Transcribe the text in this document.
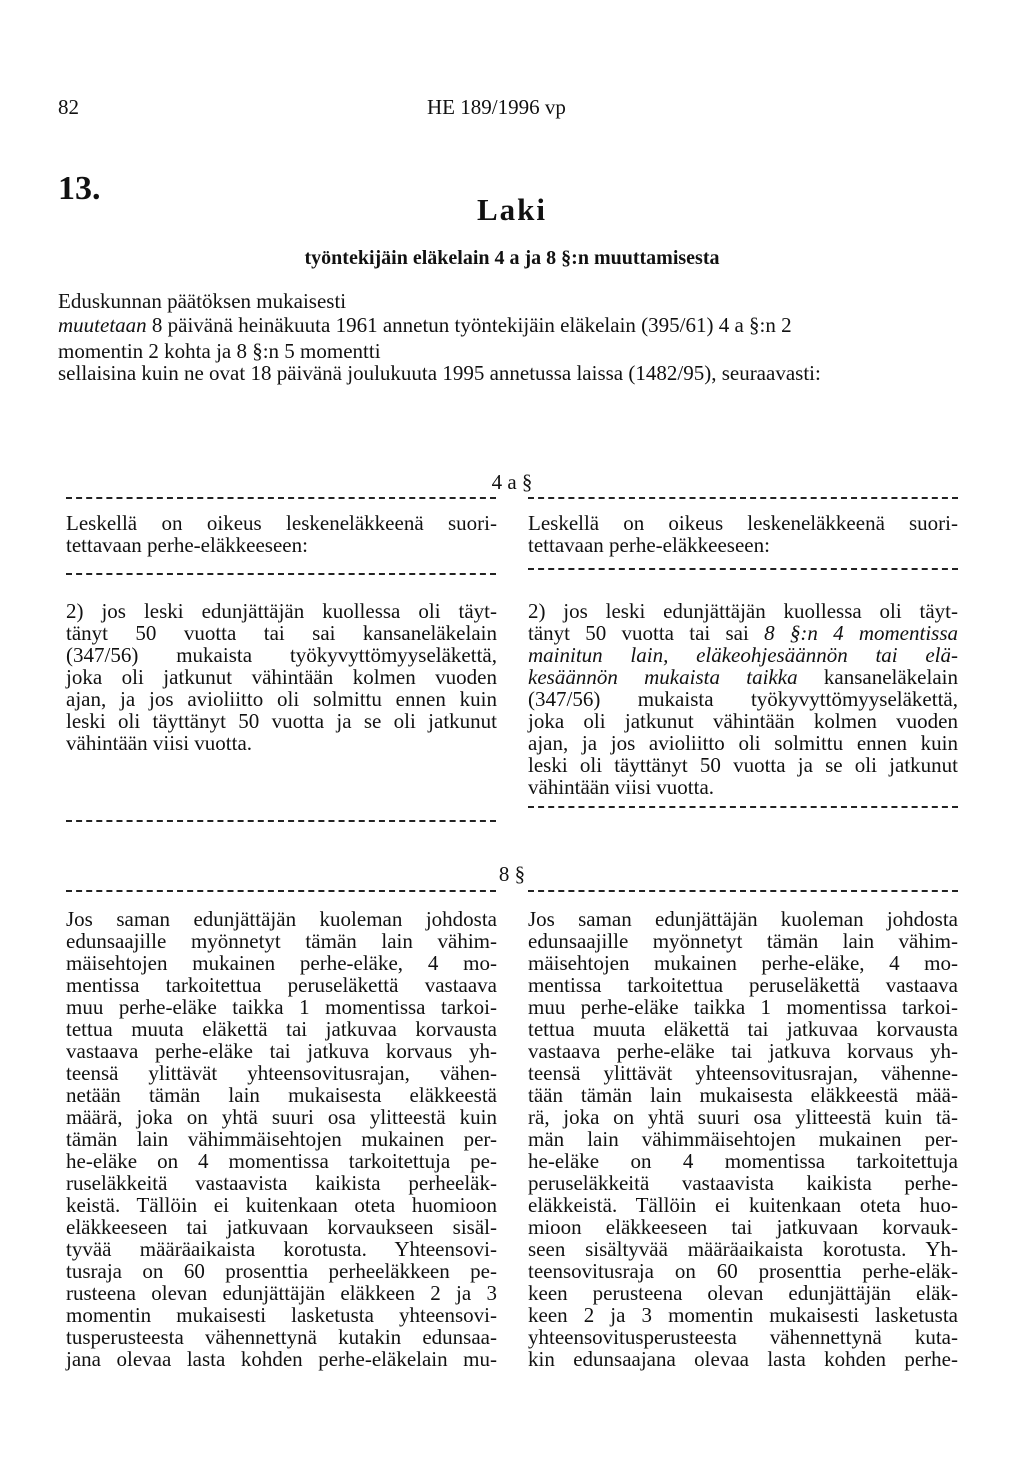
82	HE 189/1996 vp
13.
Laki
työntekijäin eläkelain 4 a ja 8 §:n muuttamisesta
Eduskunnan päätöksen mukaisesti
muutetaan 8 päivänä heinäkuuta 1961 annetun työntekijäin eläkelain (395/61) 4 a §:n 2
momentin 2 kohta ja 8 §:n 5 momentti
sellaisina kuin ne ovat 18 päivänä joulukuuta 1995 annetussa laissa (1482/95), seuraavasti:
4 a §
Leskellä on oikeus leskeneläkkeenä suori-
tettavaan perhe-eläkkeeseen:
Leskellä on oikeus leskeneläkkeenä suori-
tettavaan perhe-eläkkeeseen:
2) jos leski edunjättäjän kuollessa oli täyt-
tänyt 50 vuotta tai sai kansaneläkelain
(347/56) mukaista työkyvyttömyyseläkettä,
joka oli jatkunut vähintään kolmen vuoden
ajan, ja jos avioliitto oli solmittu ennen kuin
leski oli täyttänyt 50 vuotta ja se oli jatkunut
vähintään viisi vuotta.
2) jos leski edunjättäjän kuollessa oli täyt-
tänyt 50 vuotta tai sai 8 §:n 4 momentissa
mainitun lain, eläkeohjesäännön tai elä-
kesäännön mukaista taikka kansaneläkelain
(347/56) mukaista työkyvyttömyyseläkettä,
joka oli jatkunut vähintään kolmen vuoden
ajan, ja jos avioliitto oli solmittu ennen kuin
leski oli täyttänyt 50 vuotta ja se oli jatkunut
vähintään viisi vuotta.
8 §
Jos saman edunjättäjän kuoleman johdosta
edunsaajille myönnetyt tämän lain vähim-
mäisehtojen mukainen perhe-eläke, 4 mo-
mentissa tarkoitettua peruseläkettä vastaava
muu perhe-eläke taikka 1 momentissa tarkoi-
tettua muuta eläkettä tai jatkuvaa korvausta
vastaava perhe-eläke tai jatkuva korvaus yh-
teensä ylittävät yhteensovitusrajan, vähen-
netään tämän lain mukaisesta eläkkeestä
määrä, joka on yhtä suuri osa ylitteestä kuin
tämän lain vähimmäisehtojen mukainen per-
he-eläke on 4 momentissa tarkoitettuja pe-
ruseläkkeitä vastaavista kaikista perheeläk-
keistä. Tällöin ei kuitenkaan oteta huomioon
eläkkeeseen tai jatkuvaan korvaukseen sisäl-
tyvää määräaikaista korotusta. Yhteensovi-
tusraja on 60 prosenttia perheeläkkeen pe-
rusteena olevan edunjättäjän eläkkeen 2 ja 3
momentin mukaisesti lasketusta yhteensovi-
tusperusteesta vähennettynä kutakin edunsaa-
jana olevaa lasta kohden perhe-eläkelain mu-
Jos saman edunjättäjän kuoleman johdosta
edunsaajille myönnetyt tämän lain vähim-
mäisehtojen mukainen perhe-eläke, 4 mo-
mentissa tarkoitettua peruseläkettä vastaava
muu perhe-eläke taikka 1 momentissa tarkoi-
tettua muuta eläkettä tai jatkuvaa korvausta
vastaava perhe-eläke tai jatkuva korvaus yh-
teensä ylittävät yhteensovitusrajan, vähenne-
tään tämän lain mukaisesta eläkkeestä mää-
rä, joka on yhtä suuri osa ylitteestä kuin tä-
män lain vähimmäisehtojen mukainen per-
he-eläke on 4 momentissa tarkoitettuja
peruseläkkeitä vastaavista kaikista perhe-
eläkkeistä. Tällöin ei kuitenkaan oteta huo-
mioon eläkkeeseen tai jatkuvaan korvauk-
seen sisältyvää määräaikaista korotusta. Yh-
teensovitusraja on 60 prosenttia perhe-eläk-
keen perusteena olevan edunjättäjän eläk-
keen 2 ja 3 momentin mukaisesti lasketusta
yhteensovitusperusteesta vähennettynä kuta-
kin edunsaajana olevaa lasta kohden perhe-
